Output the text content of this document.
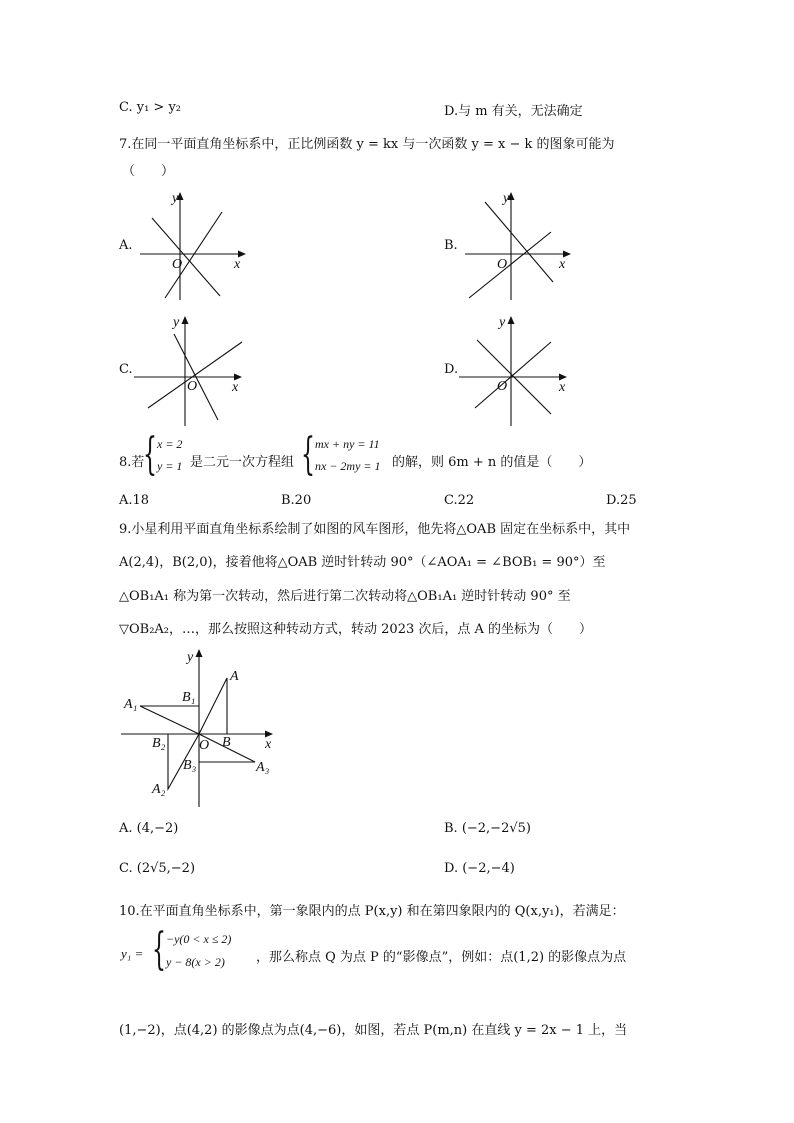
C. y₁ > y₂	D.与 m 有关，无法确定
7.在同一平面直角坐标系中，正比例函数 y = kx 与一次函数 y = x − k 的图象可能为
（　　）
A.
y
x
O
B.
y
x
O
C.
y
x
O
D.
y
x
O
8.若
{ x = 2
y = 1 是二元一次方程组 { mx + ny = 11
nx − 2my = 1 的解，则 6m + n 的值是（　　）
A.18	B.20	C.22	D.25
9.小星利用平面直角坐标系绘制了如图的风车图形，他先将△OAB 固定在坐标系中，其中
A(2,4)，B(2,0)，接着他将△OAB 逆时针转动 90°（∠AOA₁ = ∠BOB₁ = 90°）至
△OB₁A₁ 称为第一次转动，然后进行第二次转动将△OB₁A₁ 逆时针转动 90° 至
▽OB₂A₂，…，那么按照这种转动方式，转动 2023 次后，点 A 的坐标为（　　）
y
x
O
A
B
A₁	B₁
B₂
A₂
B₃	A₃
A. (4,−2)	B. (−2,−2√5)
C. (2√5,−2)	D. (−2,−4)
10.在平面直角坐标系中，第一象限内的点 P(x,y) 和在第四象限内的 Q(x,y₁)，若满足：
y₁ = { −y(0 < x ≤ 2)
y − 8(x > 2) ，那么称点 Q 为点 P 的“影像点”，例如：点(1,2) 的影像点为点
(1,−2)，点(4,2) 的影像点为点(4,−6)，如图，若点 P(m,n) 在直线 y = 2x − 1 上，当
